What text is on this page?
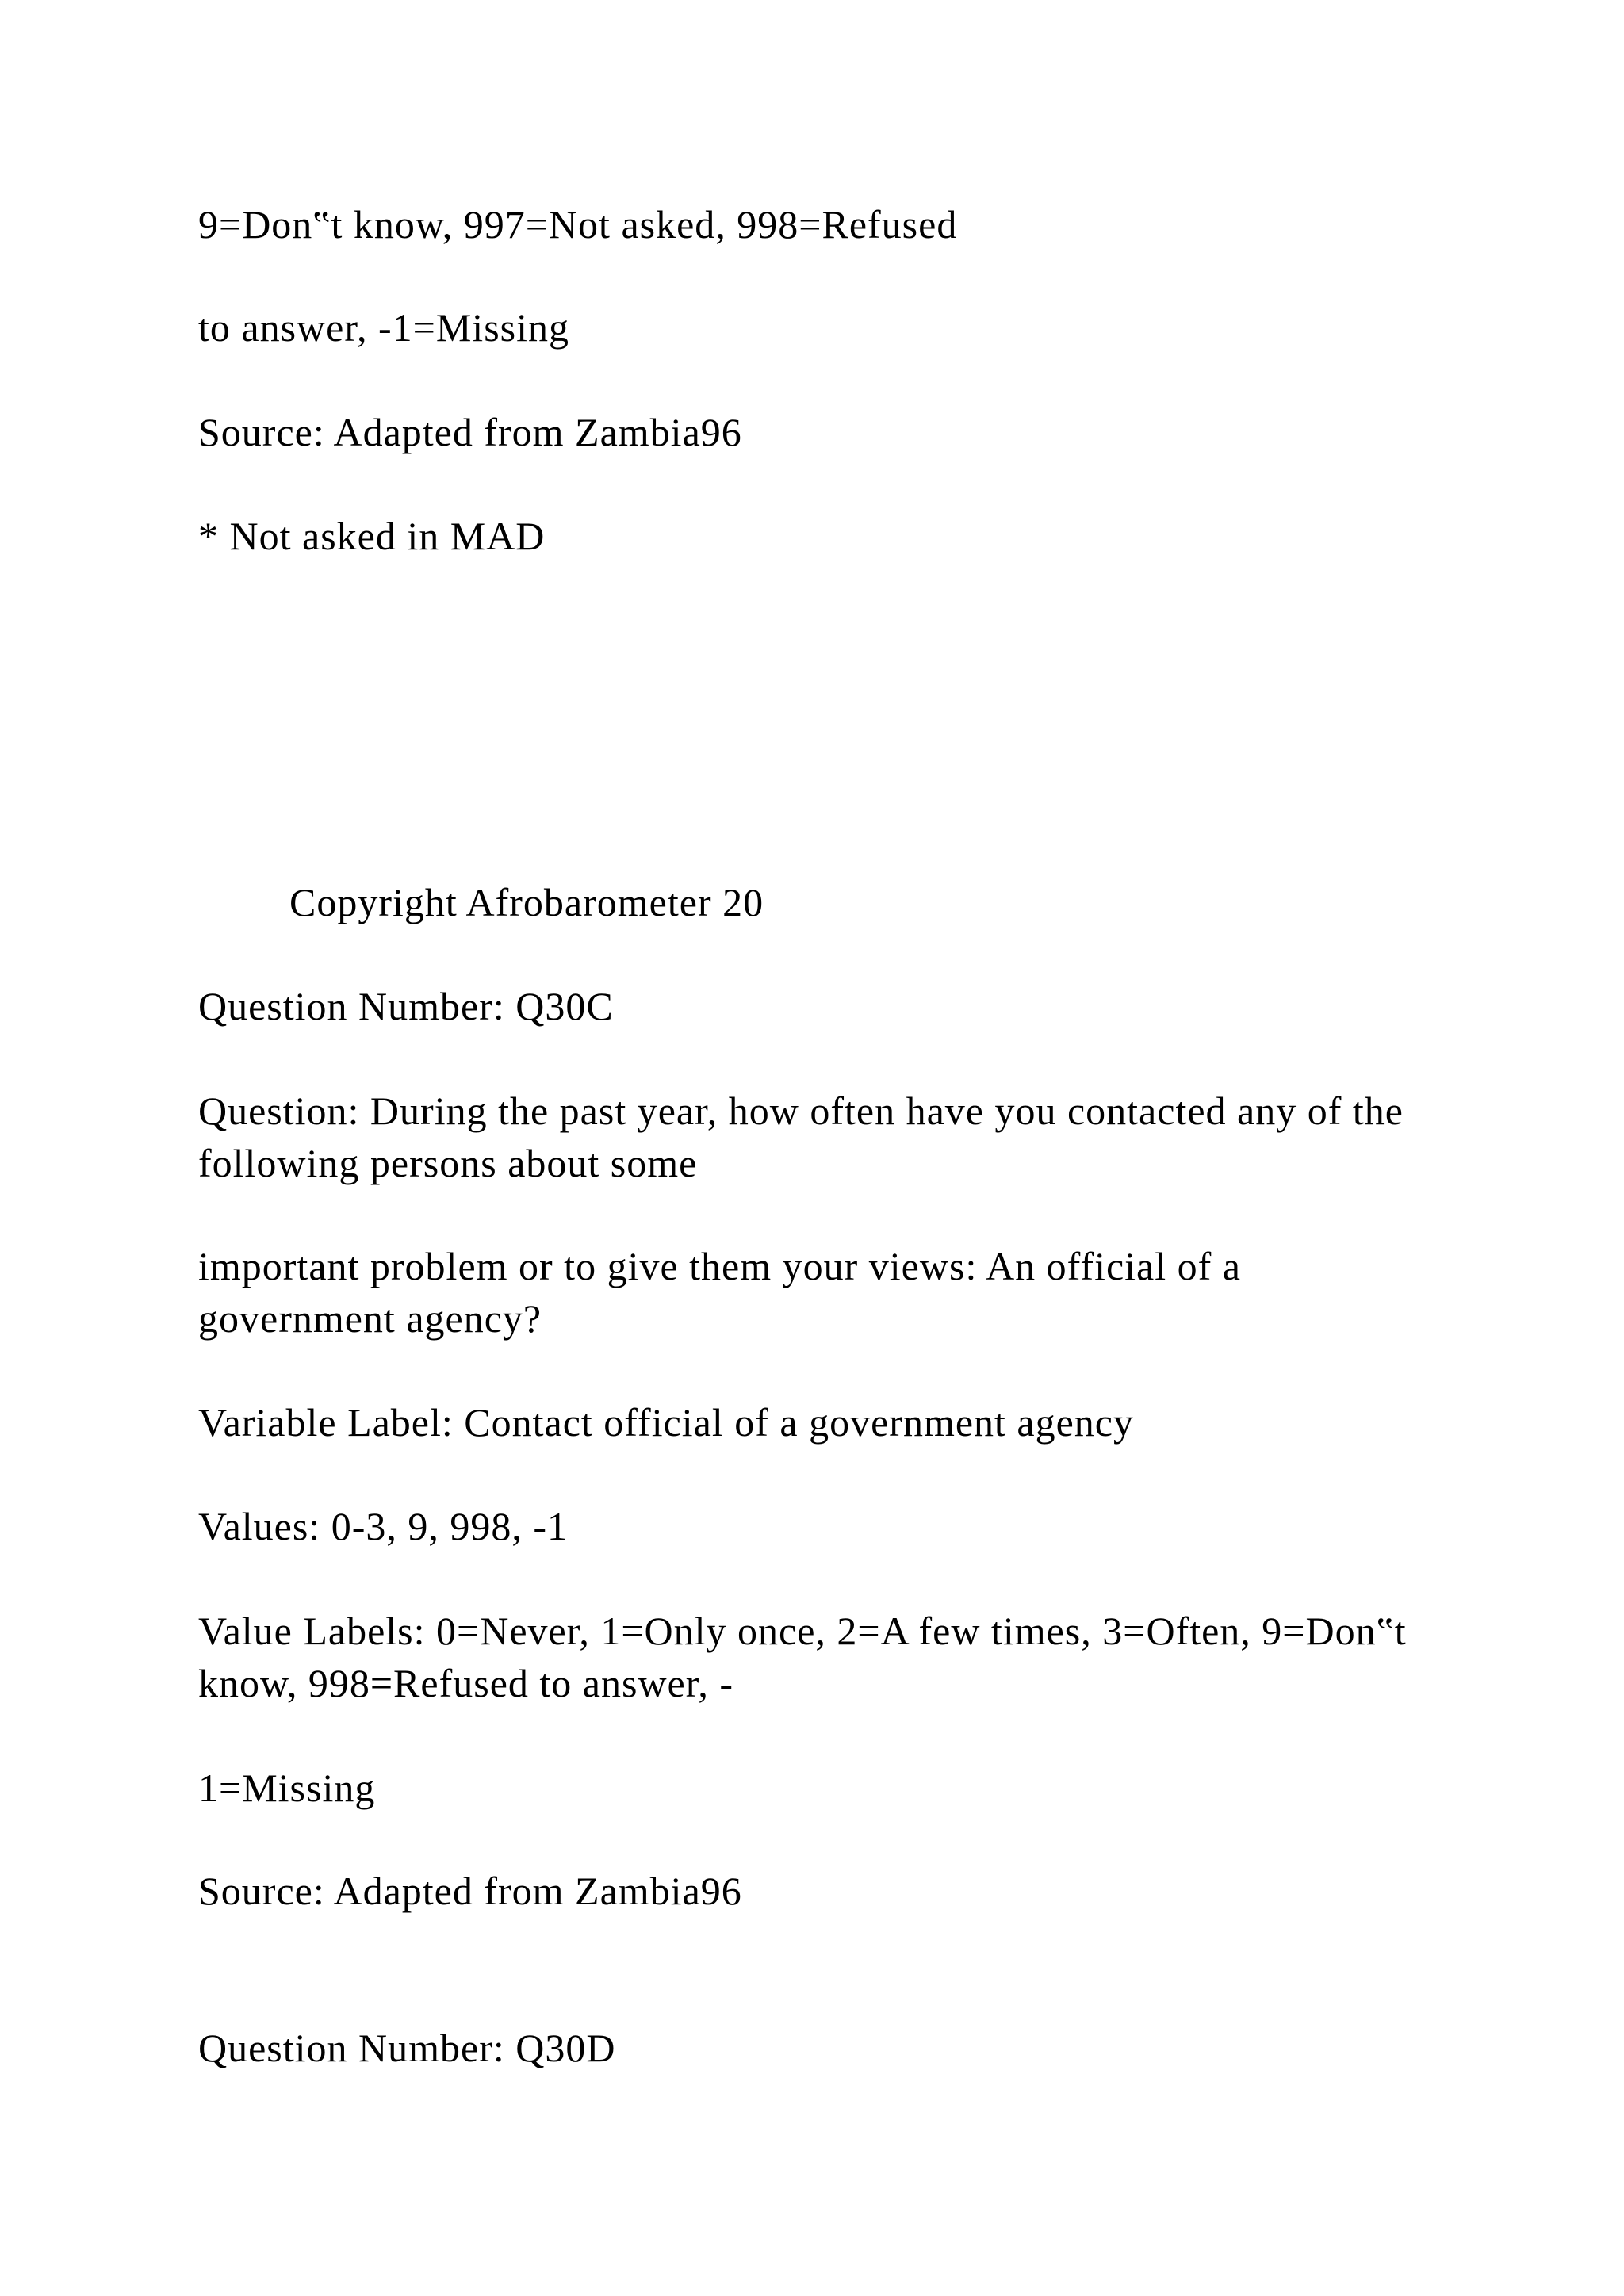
9=Don‟t know, 997=Not asked, 998=Refused
to answer, -1=Missing
Source: Adapted from Zambia96
* Not asked in MAD
Copyright Afrobarometer 20
Question Number: Q30C
Question: During the past year, how often have you contacted any of the following persons about some
important problem or to give them your views: An official of a government agency?
Variable Label: Contact official of a government agency
Values: 0-3, 9, 998, -1
Value Labels: 0=Never, 1=Only once, 2=A few times, 3=Often, 9=Don‟t know, 998=Refused to answer, -
1=Missing
Source: Adapted from Zambia96
Question Number: Q30D
